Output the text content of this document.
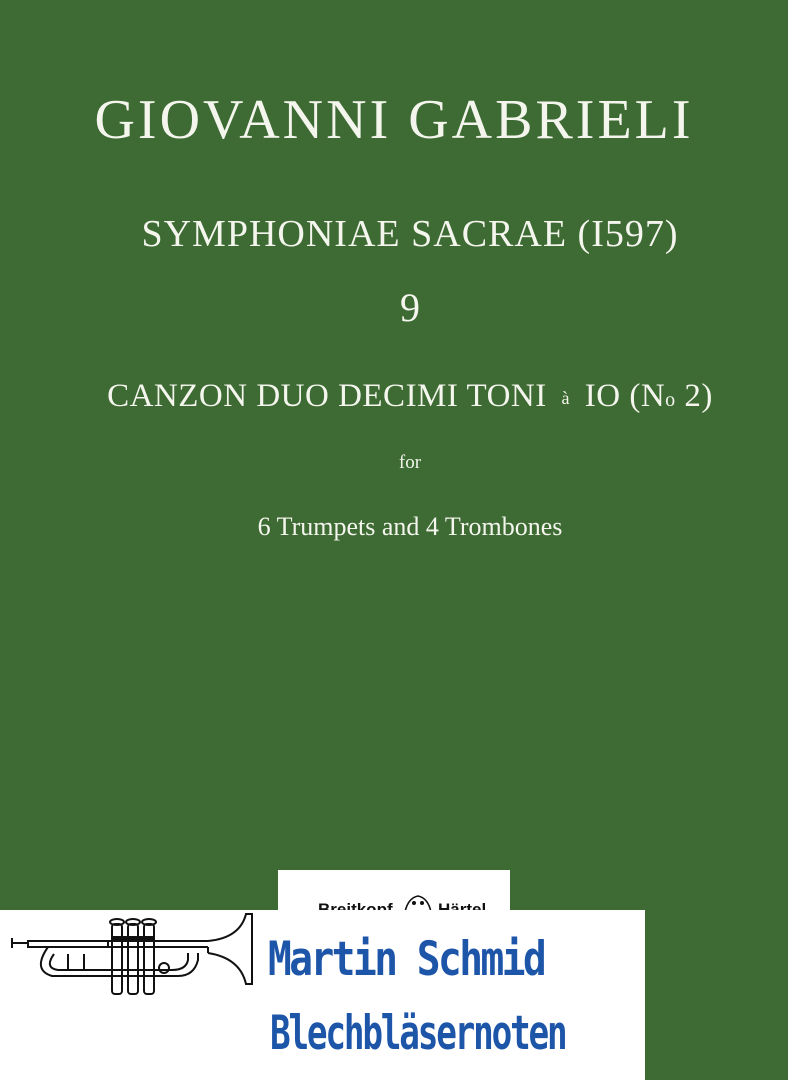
GIOVANNI GABRIELI
SYMPHONIAE SACRAE (I597)
9
CANZON DUO DECIMI TONI à IO (No 2)
for
6 Trumpets and 4 Trombones
Martin Schmid
Blechbläsernoten
